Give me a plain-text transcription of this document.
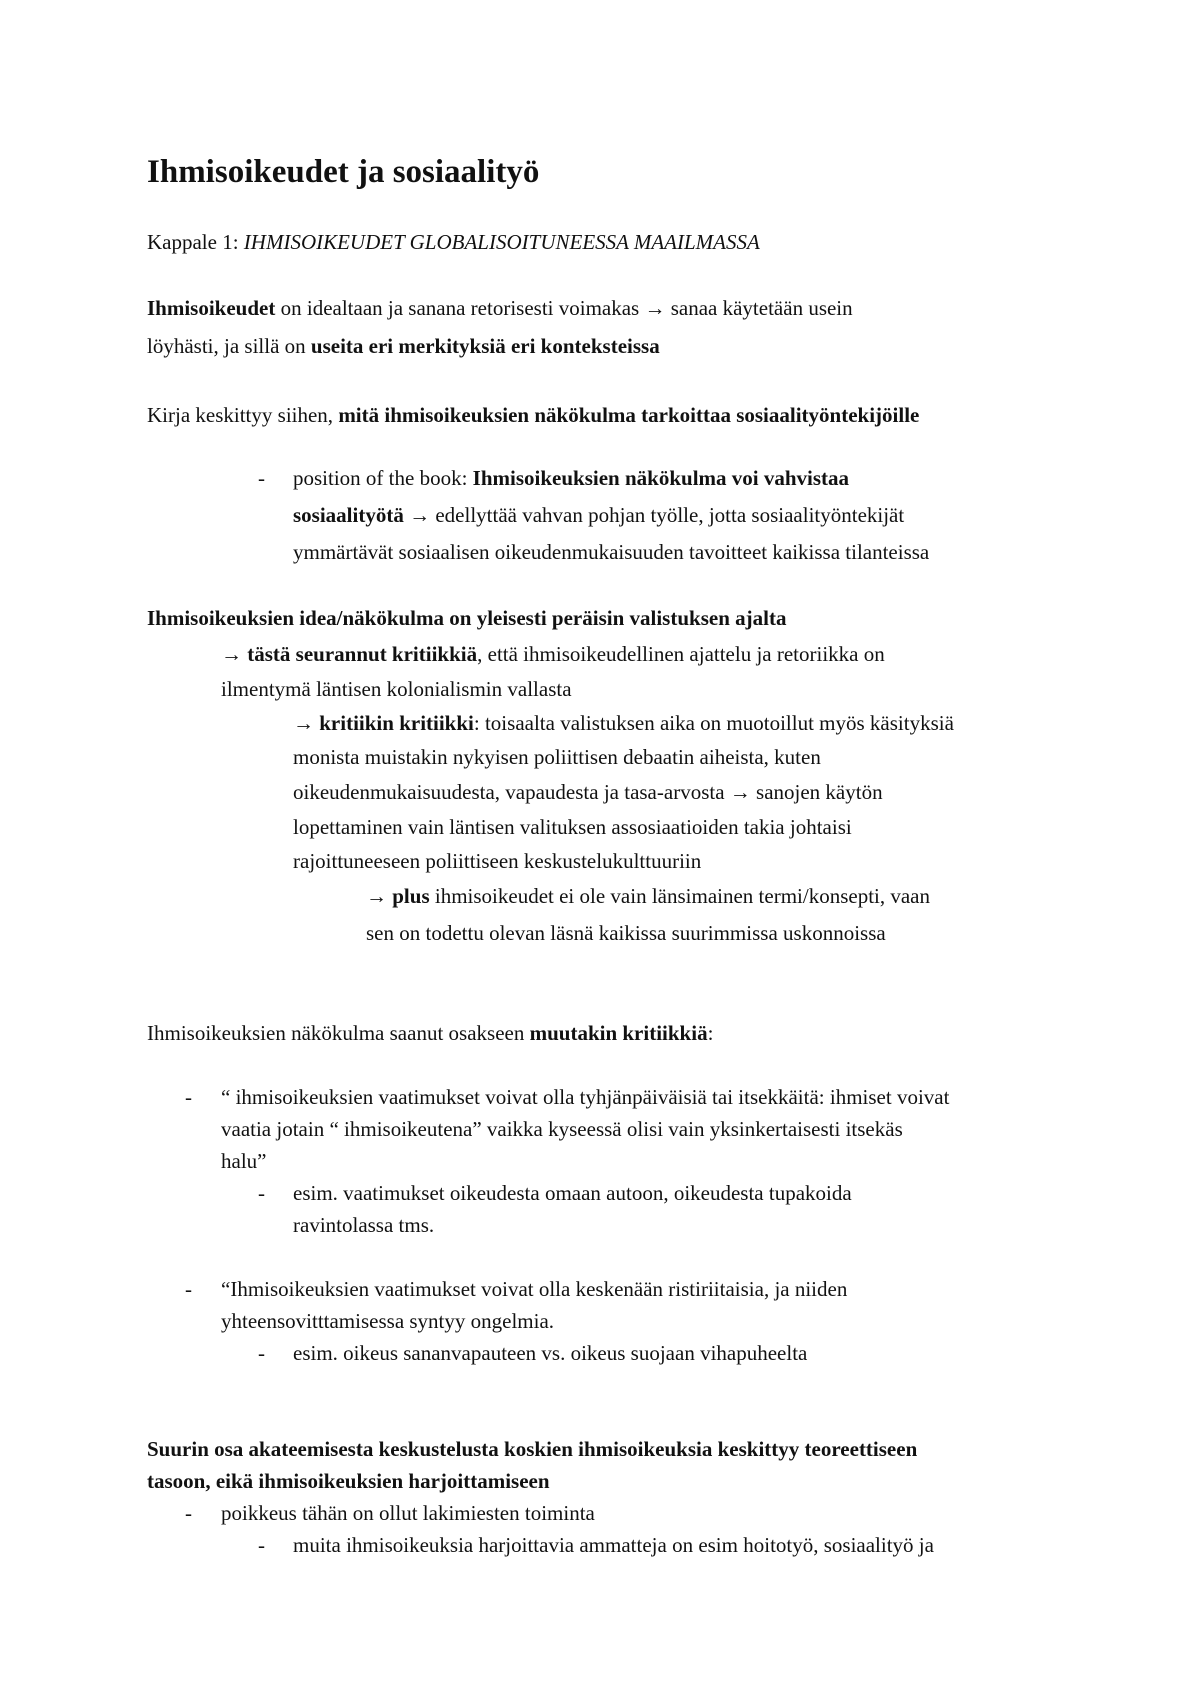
Ihmisoikeudet ja sosiaalityö
Kappale 1: IHMISOIKEUDET GLOBALISOITUNEESSA MAAILMASSA
Ihmisoikeudet on idealtaan ja sanana retorisesti voimakas → sanaa käytetään usein
löyhästi, ja sillä on useita eri merkityksiä eri konteksteissa
Kirja keskittyy siihen, mitä ihmisoikeuksien näkökulma tarkoittaa sosiaalityöntekijöille
- position of the book: Ihmisoikeuksien näkökulma voi vahvistaa
sosiaalityötä → edellyttää vahvan pohjan työlle, jotta sosiaalityöntekijät
ymmärtävät sosiaalisen oikeudenmukaisuuden tavoitteet kaikissa tilanteissa
Ihmisoikeuksien idea/näkökulma on yleisesti peräisin valistuksen ajalta
→ tästä seurannut kritiikkiä, että ihmisoikeudellinen ajattelu ja retoriikka on
ilmentymä läntisen kolonialismin vallasta
→ kritiikin kritiikki: toisaalta valistuksen aika on muotoillut myös käsityksiä
monista muistakin nykyisen poliittisen debaatin aiheista, kuten
oikeudenmukaisuudesta, vapaudesta ja tasa-arvosta → sanojen käytön
lopettaminen vain läntisen valituksen assosiaatioiden takia johtaisi
rajoittuneeseen poliittiseen keskustelukulttuuriin
→ plus ihmisoikeudet ei ole vain länsimainen termi/konsepti, vaan
sen on todettu olevan läsnä kaikissa suurimmissa uskonnoissa
Ihmisoikeuksien näkökulma saanut osakseen muutakin kritiikkiä:
- “ ihmisoikeuksien vaatimukset voivat olla tyhjänpäiväisiä tai itsekkäitä: ihmiset voivat
vaatia jotain “ ihmisoikeutena” vaikka kyseessä olisi vain yksinkertaisesti itsekäs
halu”
- esim. vaatimukset oikeudesta omaan autoon, oikeudesta tupakoida
ravintolassa tms.
- “Ihmisoikeuksien vaatimukset voivat olla keskenään ristiriitaisia, ja niiden
yhteensovitttamisessa syntyy ongelmia.
- esim. oikeus sananvapauteen vs. oikeus suojaan vihapuheelta
Suurin osa akateemisesta keskustelusta koskien ihmisoikeuksia keskittyy teoreettiseen
tasoon, eikä ihmisoikeuksien harjoittamiseen
- poikkeus tähän on ollut lakimiesten toiminta
- muita ihmisoikeuksia harjoittavia ammatteja on esim hoitotyö, sosiaalityö ja
